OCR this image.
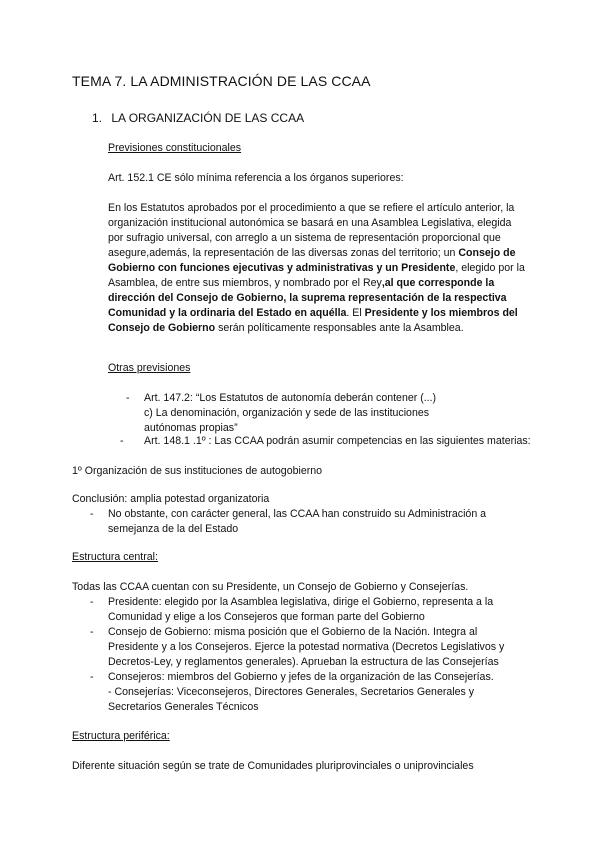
TEMA 7. LA ADMINISTRACIÓN DE LAS CCAA
1. LA ORGANIZACIÓN DE LAS CCAA
Previsiones constitucionales
Art. 152.1 CE sólo mínima referencia a los órganos superiores:

En los Estatutos aprobados por el procedimiento a que se refiere el artículo anterior, la organización institucional autonómica se basará en una Asamblea Legislativa, elegida por sufragio universal, con arreglo a un sistema de representación proporcional que asegure,además, la representación de las diversas zonas del territorio; un Consejo de Gobierno con funciones ejecutivas y administrativas y un Presidente, elegido por la Asamblea, de entre sus miembros, y nombrado por el Rey,al que corresponde la dirección del Consejo de Gobierno, la suprema representación de la respectiva Comunidad y la ordinaria del Estado en aquélla. El Presidente y los miembros del Consejo de Gobierno serán políticamente responsables ante la Asamblea.

Otras previsiones
- Art. 147.2: “Los Estatutos de autonomía deberán contener (...)
c) La denominación, organización y sede de las instituciones autónomas propias”
-	Art. 148.1 .1º : Las CCAA podrán asumir competencias en las siguientes materias:
1º Organización de sus instituciones de autogobierno
Conclusión: amplia potestad organizatoria
- No obstante, con carácter general, las CCAA han construido su Administración a semejanza de la del Estado
Estructura central:
Todas las CCAA cuentan con su Presidente, un Consejo de Gobierno y Consejerías.
- Presidente: elegido por la Asamblea legislativa, dirige el Gobierno, representa a la Comunidad y elige a los Consejeros que forman parte del Gobierno
- Consejo de Gobierno: misma posición que el Gobierno de la Nación. Integra al Presidente y a los Consejeros. Ejerce la potestad normativa (Decretos Legislativos y Decretos-Ley, y reglamentos generales). Aprueban la estructura de las Consejerías
- Consejeros: miembros del Gobierno y jefes de la organización de las Consejerías.
- Consejerías: Viceconsejeros, Directores Generales, Secretarios Generales y Secretarios Generales Técnicos
Estructura periférica:
Diferente situación según se trate de Comunidades pluriprovinciales o uniprovinciales
